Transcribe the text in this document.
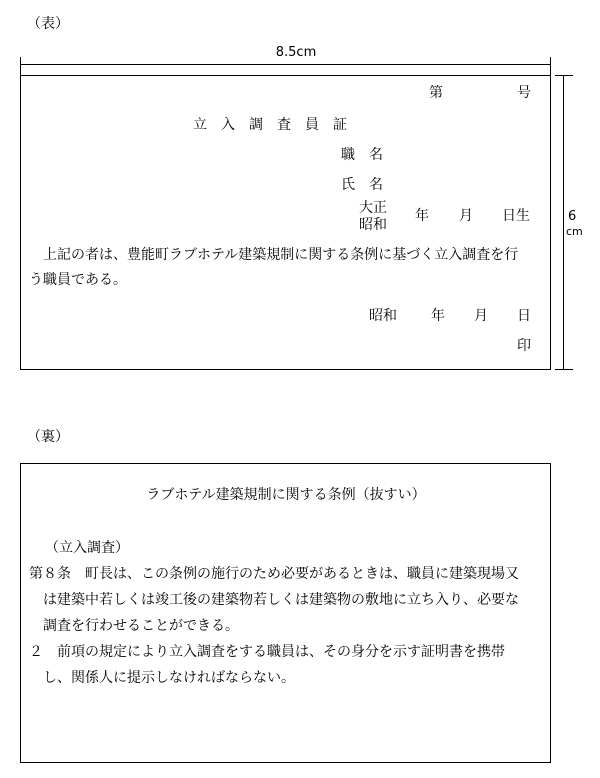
（表）
8.5cm
第	号
立　入　調　査　員　証
職　名
氏　名
大正
昭和
年 月 日生
上記の者は、豊能町ラブホテル建築規制に関する条例に基づく立入調査を行
う職員である。
昭和 年 月 日
印
6
cm
（裏）
ラブホテル建築規制に関する条例（抜すい）
（立入調査）
第８条　町長は、この条例の施行のため必要があるときは、職員に建築現場又
は建築中若しくは竣工後の建築物若しくは建築物の敷地に立ち入り、必要な
調査を行わせることができる。
２　前項の規定により立入調査をする職員は、その身分を示す証明書を携帯
し、関係人に提示しなければならない。
